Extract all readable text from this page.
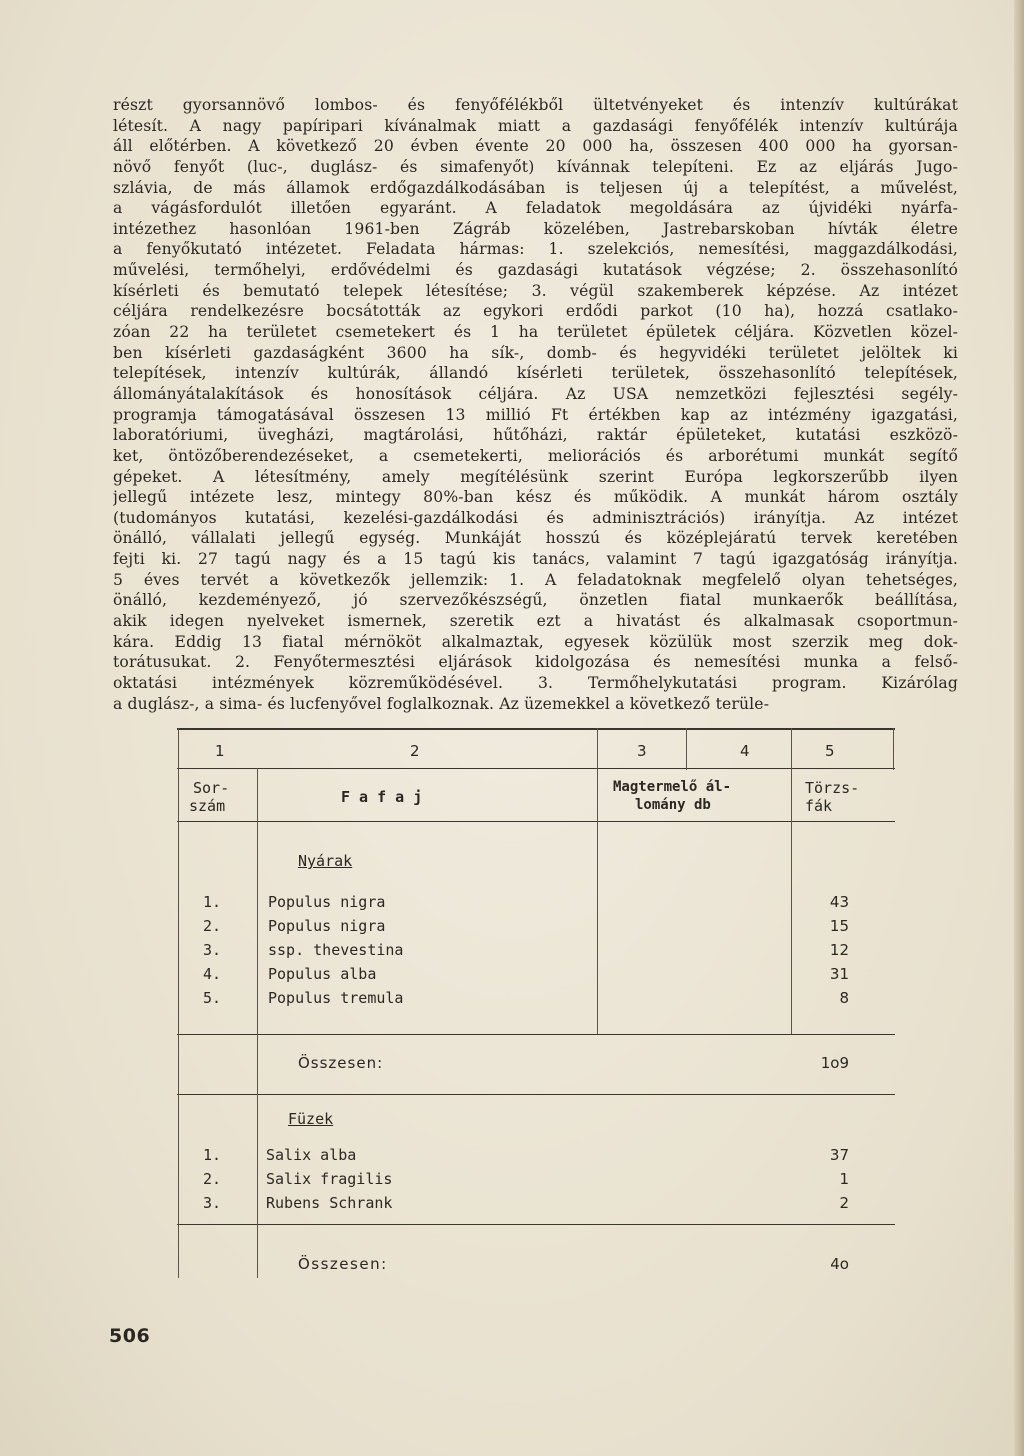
részt gyorsannövő lombos- és fenyőfélékből ültetvényeket és intenzív kultúrákat
létesít. A nagy papíripari kívánalmak miatt a gazdasági fenyőfélék intenzív kultúrája
áll előtérben. A következő 20 évben évente 20 000 ha, összesen 400 000 ha gyorsan-
növő fenyőt (luc-, duglász- és simafenyőt) kívánnak telepíteni. Ez az eljárás Jugo-
szlávia, de más államok erdőgazdálkodásában is teljesen új a telepítést, a művelést,
a vágásfordulót illetően egyaránt. A feladatok megoldására az újvidéki nyárfa-
intézethez hasonlóan 1961-ben Zágráb közelében, Jastrebarskoban hívták életre
a fenyőkutató intézetet. Feladata hármas: 1. szelekciós, nemesítési, maggazdálkodási,
művelési, termőhelyi, erdővédelmi és gazdasági kutatások végzése; 2. összehasonlító
kísérleti és bemutató telepek létesítése; 3. végül szakemberek képzése. Az intézet
céljára rendelkezésre bocsátották az egykori erdődi parkot (10 ha), hozzá csatlako-
zóan 22 ha területet csemetekert és 1 ha területet épületek céljára. Közvetlen közel-
ben kísérleti gazdaságként 3600 ha sík-, domb- és hegyvidéki területet jelöltek ki
telepítések, intenzív kultúrák, állandó kísérleti területek, összehasonlító telepítések,
állományátalakítások és honosítások céljára. Az USA nemzetközi fejlesztési segély-
programja támogatásával összesen 13 millió Ft értékben kap az intézmény igazgatási,
laboratóriumi, üvegházi, magtárolási, hűtőházi, raktár épületeket, kutatási eszközö-
ket, öntözőberendezéseket, a csemetekerti, meliorációs és arborétumi munkát segítő
gépeket. A létesítmény, amely megítélésünk szerint Európa legkorszerűbb ilyen
jellegű intézete lesz, mintegy 80%-ban kész és működik. A munkát három osztály
(tudományos kutatási, kezelési-gazdálkodási és adminisztrációs) irányítja. Az intézet
önálló, vállalati jellegű egység. Munkáját hosszú és középlejáratú tervek keretében
fejti ki. 27 tagú nagy és a 15 tagú kis tanács, valamint 7 tagú igazgatóság irányítja.
5 éves tervét a következők jellemzik: 1. A feladatoknak megfelelő olyan tehetséges,
önálló, kezdeményező, jó szervezőkészségű, önzetlen fiatal munkaerők beállítása,
akik idegen nyelveket ismernek, szeretik ezt a hivatást és alkalmasak csoportmun-
kára. Eddig 13 fiatal mérnököt alkalmaztak, egyesek közülük most szerzik meg dok-
torátusukat. 2. Fenyőtermesztési eljárások kidolgozása és nemesítési munka a felső-
oktatási intézmények közreműködésével. 3. Termőhelykutatási program. Kizárólag
a duglász-, a sima- és lucfenyővel foglalkoznak. Az üzemekkel a következő terüle-
1	2	3	4	5
Sor-
szám	F a f a j
Magtermelő ál-
lomány db
Törzs-
fák
Nyárak
1.	Populus nigra	43
2.	Populus nigra	15
3.	ssp. thevestina	12
4.	Populus alba	31
5.	Populus tremula	8
Összesen:	1o9
Füzek
1.	Salix alba	37
2.	Salix fragilis	1
3.	Rubens Schrank	2
Összesen:	4o
506
